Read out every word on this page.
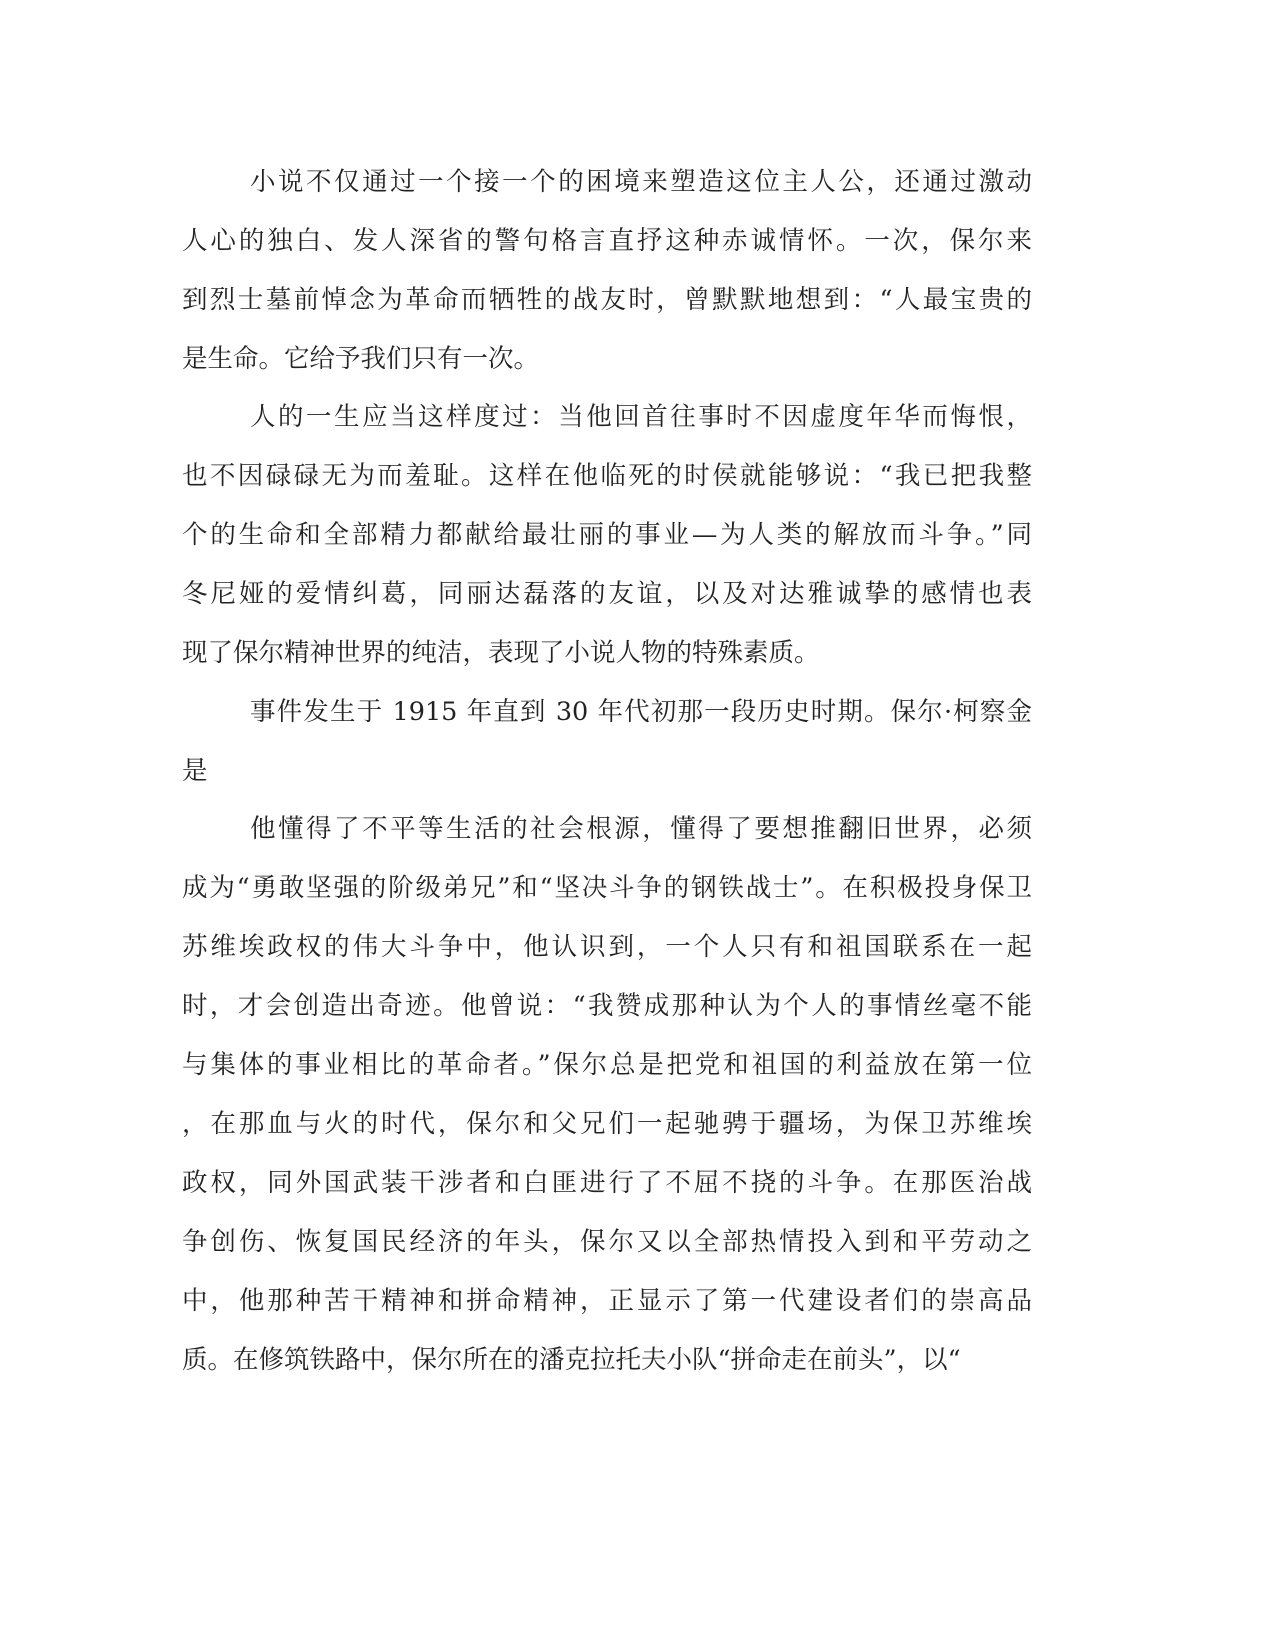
小说不仅通过一个接一个的困境来塑造这位主人公，还通过激动
人心的独白、发人深省的警句格言直抒这种赤诚情怀。一次，保尔来
到烈士墓前悼念为革命而牺牲的战友时，曾默默地想到：“人最宝贵的
是生命。它给予我们只有一次。
人的一生应当这样度过：当他回首往事时不因虚度年华而悔恨，
也不因碌碌无为而羞耻。这样在他临死的时侯就能够说：“我已把我整
个的生命和全部精力都献给最壮丽的事业—为人类的解放而斗争。”同
冬尼娅的爱情纠葛，同丽达磊落的友谊，以及对达雅诚挚的感情也表
现了保尔精神世界的纯洁，表现了小说人物的特殊素质。
事件发生于 1915 年直到 30 年代初那一段历史时期。保尔·柯察金
是
他懂得了不平等生活的社会根源，懂得了要想推翻旧世界，必须
成为“勇敢坚强的阶级弟兄”和“坚决斗争的钢铁战士”。在积极投身保卫
苏维埃政权的伟大斗争中，他认识到，一个人只有和祖国联系在一起
时，才会创造出奇迹。他曾说：“我赞成那种认为个人的事情丝毫不能
与集体的事业相比的革命者。”保尔总是把党和祖国的利益放在第一位
，在那血与火的时代，保尔和父兄们一起驰骋于疆场，为保卫苏维埃
政权，同外国武装干涉者和白匪进行了不屈不挠的斗争。在那医治战
争创伤、恢复国民经济的年头，保尔又以全部热情投入到和平劳动之
中，他那种苦干精神和拼命精神，正显示了第一代建设者们的崇高品
质。在修筑铁路中，保尔所在的潘克拉托夫小队“拼命走在前头”，以“
